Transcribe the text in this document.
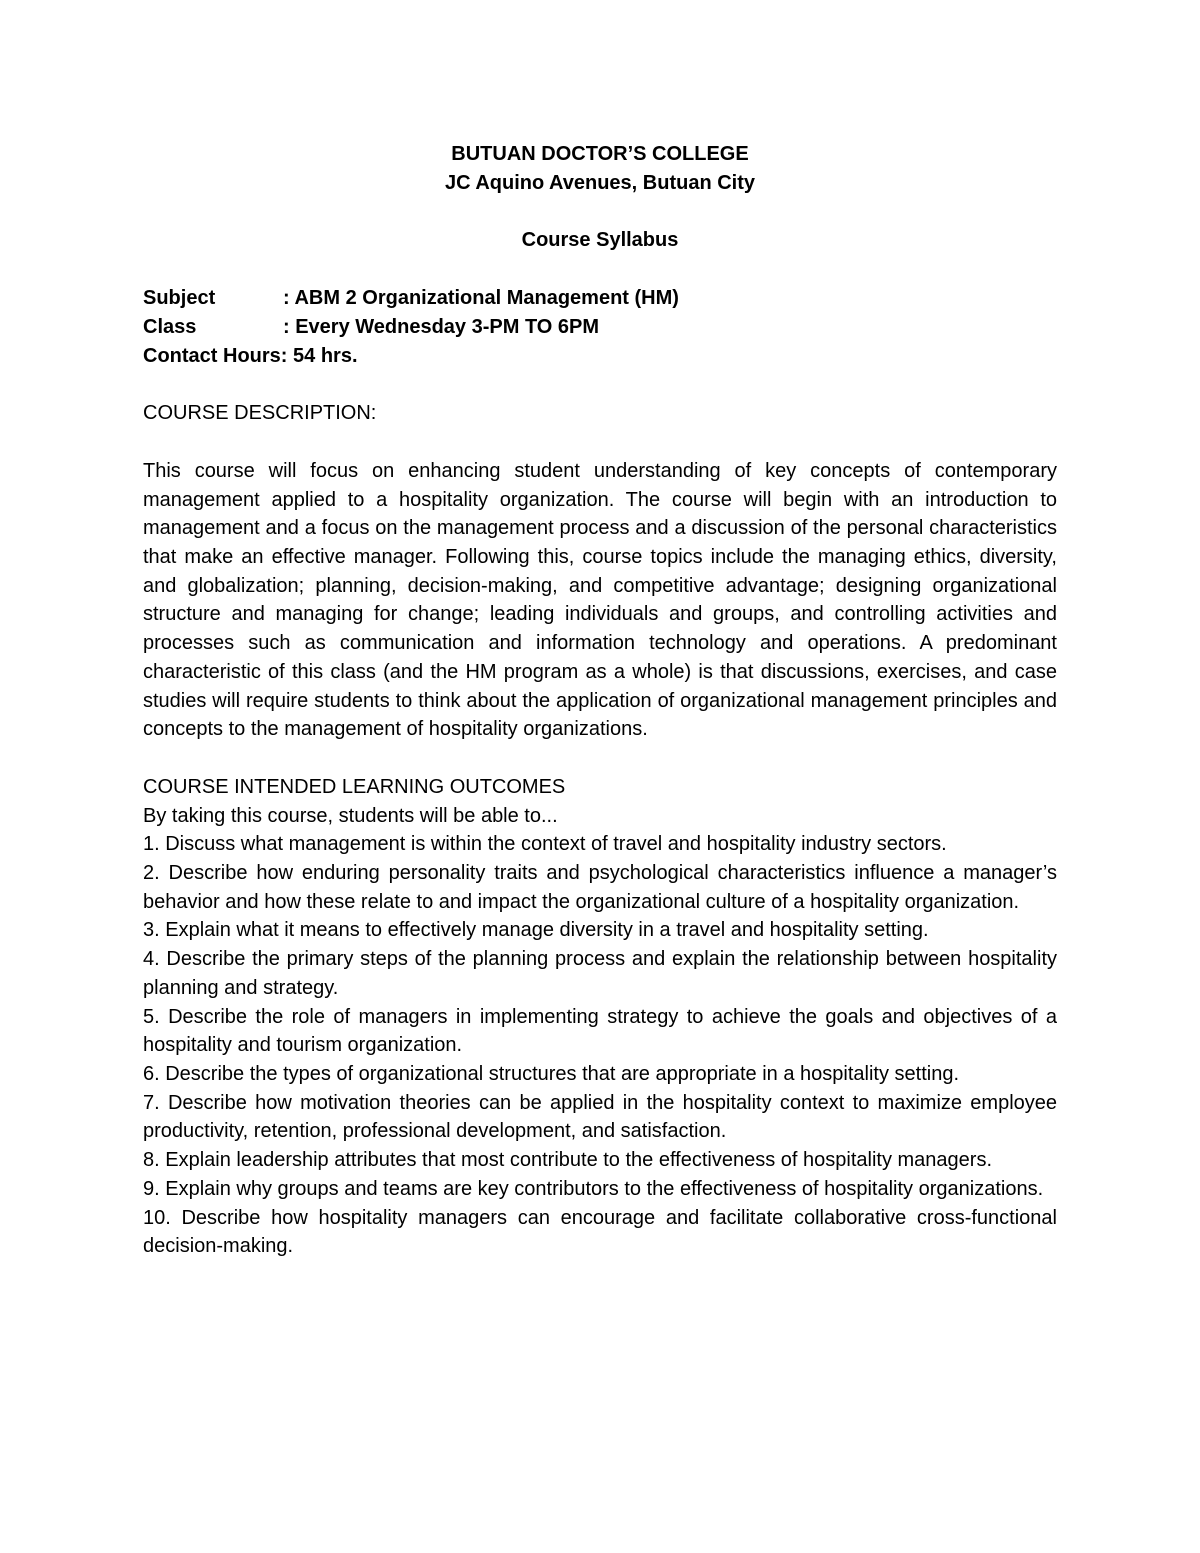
BUTUAN DOCTOR’S COLLEGE
JC Aquino Avenues, Butuan City
Course Syllabus
Subject	: ABM 2 Organizational Management (HM)
Class	: Every Wednesday 3-PM TO 6PM
Contact Hours:
54 hrs.
COURSE DESCRIPTION:

This course will focus on enhancing student understanding of key concepts of contemporary management applied to a hospitality organization. The course will begin with an introduction to management and a focus on the management process and a discussion of the personal characteristics that make an effective manager. Following this, course topics include the managing ethics, diversity, and globalization; planning, decision-making, and competitive advantage; designing organizational structure and managing for change; leading individuals and groups, and controlling activities and processes such as communication and information technology and operations. A predominant characteristic of this class (and the HM program as a whole) is that discussions, exercises, and case studies will require students to think about the application of organizational management principles and concepts to the management of hospitality organizations.

COURSE INTENDED LEARNING OUTCOMES
By taking this course, students will be able to...
1. Discuss what management is within the context of travel and hospitality industry sectors.
2. Describe how enduring personality traits and psychological characteristics influence a manager’s behavior and how these relate to and impact the organizational culture of a hospitality organization.
3. Explain what it means to effectively manage diversity in a travel and hospitality setting.
4. Describe the primary steps of the planning process and explain the relationship between hospitality planning and strategy.
5. Describe the role of managers in implementing strategy to achieve the goals and objectives of a hospitality and tourism organization.
6. Describe the types of organizational structures that are appropriate in a hospitality setting.
7. Describe how motivation theories can be applied in the hospitality context to maximize employee productivity, retention, professional development, and satisfaction.
8. Explain leadership attributes that most contribute to the effectiveness of hospitality managers.
9. Explain why groups and teams are key contributors to the effectiveness of hospitality organizations.
10. Describe how hospitality managers can encourage and facilitate collaborative cross-functional decision-making.
